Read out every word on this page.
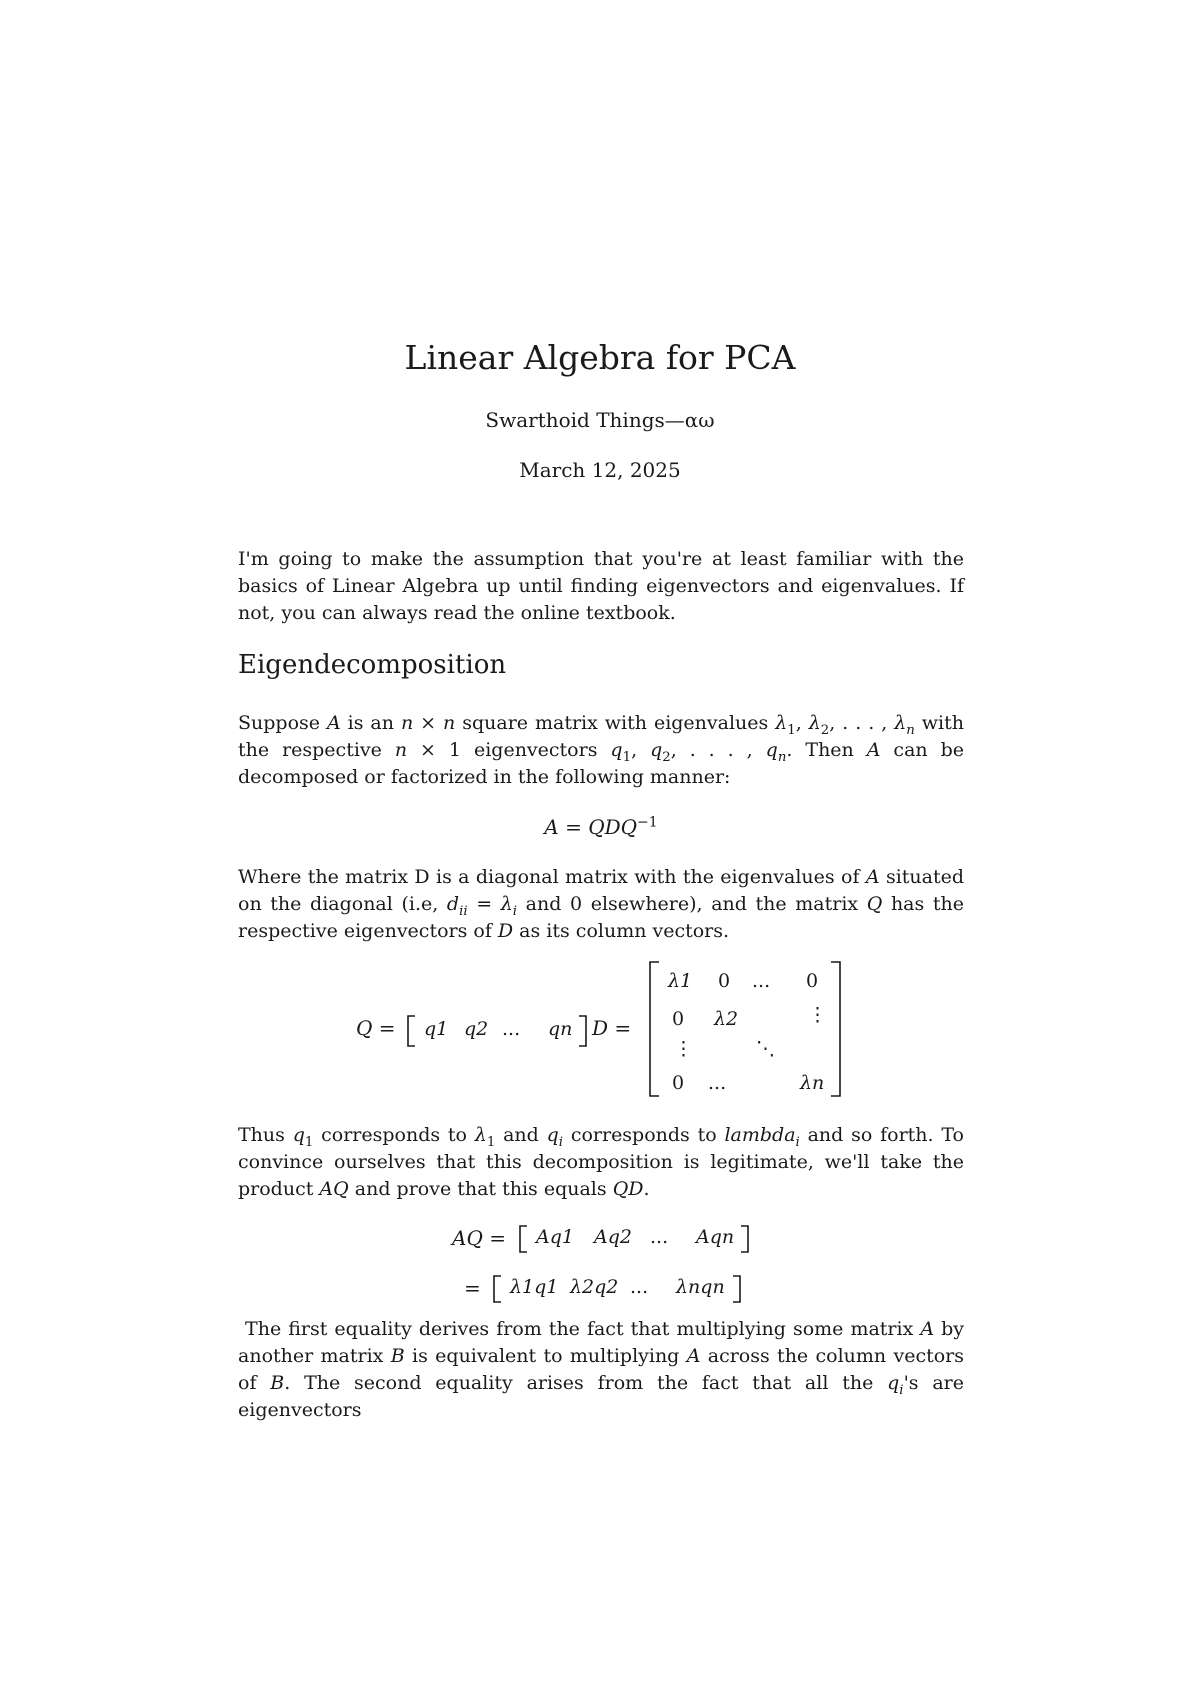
Linear Algebra for PCA
Swarthoid Things—αω
March 12, 2025

I'm going to make the assumption that you're at least familiar with the basics of Linear Algebra up until finding eigenvectors and eigenvalues. If not, you can always read the online textbook.

Eigendecomposition

Suppose A is an n × n square matrix with eigenvalues $\lambda_1$, $\lambda_2$, . . . , $\lambda_n$ with the respective n × 1 eigenvectors $q_1$, $q_2$, . . . , $q_n$. Then A can be decomposed or factorized in the following manner:

$A = QDQ^{-1}$

Where the matrix D is a diagonal matrix with the eigenvalues of A situated on the diagonal (i.e, $d_{ii} = \lambda_i$ and 0 elsewhere), and the matrix Q has the respective eigenvectors of D as its column vectors.

Q = q1 q2 ... qn D =
λ1 0 ... 0
0 λ2	⋮
⋮	⋱
0 ...	λn

Thus $q_1$ corresponds to $\lambda_1$ and $q_i$ corresponds to lambda$_i$ and so forth. To convince ourselves that this decomposition is legitimate, we'll take the product AQ and prove that this equals QD.

AQ = Aq1 Aq2 ... Aqn
= λ1q1 λ2q2 ... λnqn

The first equality derives from the fact that multiplying some matrix A by another matrix B is equivalent to multiplying A across the column vectors of B. The second equality arises from the fact that all the $q_i's$ are eigenvectors
